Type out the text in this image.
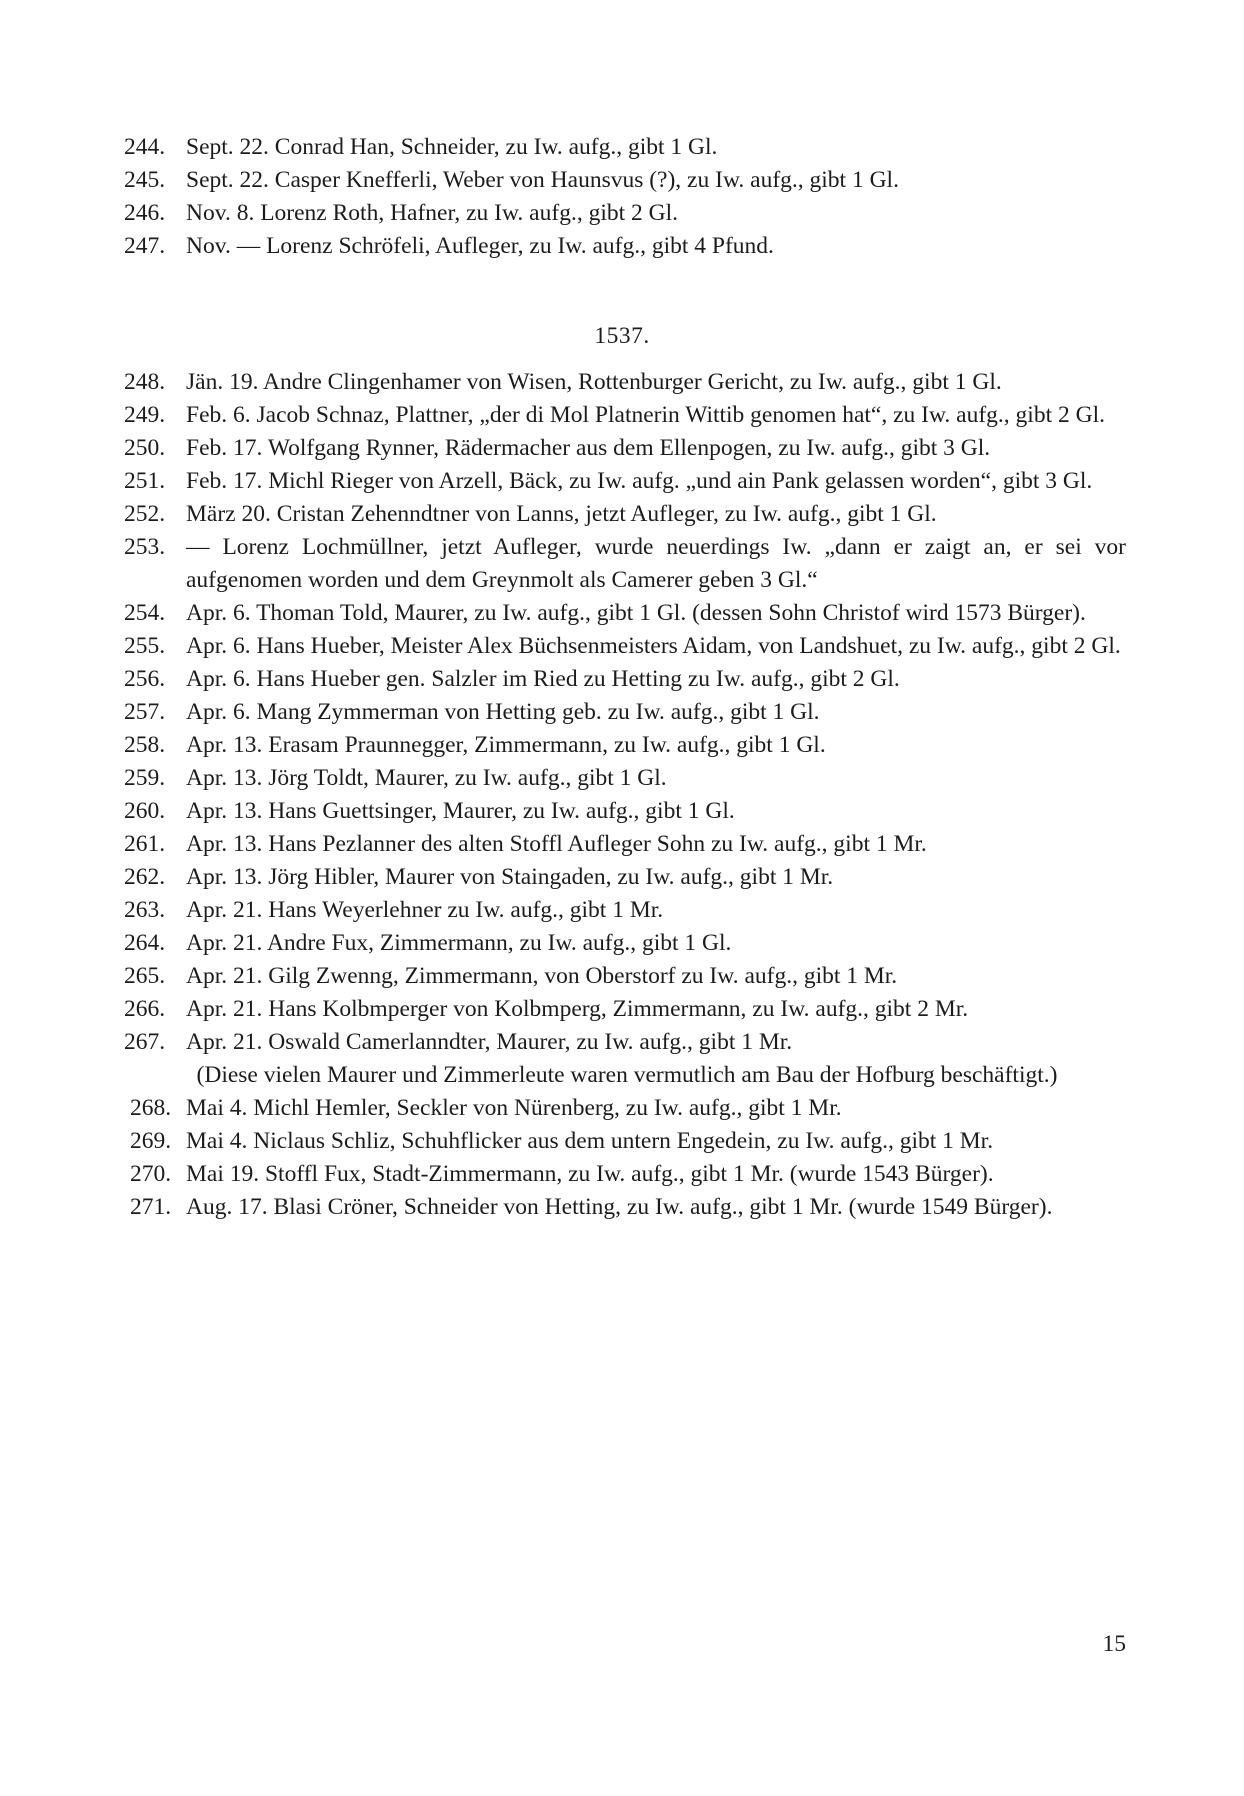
244. Sept. 22. Conrad Han, Schneider, zu Iw. aufg., gibt 1 Gl.
245. Sept. 22. Casper Knefferli, Weber von Haunsvus (?), zu Iw. aufg., gibt 1 Gl.
246. Nov. 8. Lorenz Roth, Hafner, zu Iw. aufg., gibt 2 Gl.
247. Nov. — Lorenz Schröfeli, Aufleger, zu Iw. aufg., gibt 4 Pfund.
1537.
248. Jän. 19. Andre Clingenhamer von Wisen, Rottenburger Gericht, zu Iw. aufg., gibt 1 Gl.
249. Feb. 6. Jacob Schnaz, Plattner, „der di Mol Platnerin Wittib genomen hat“, zu Iw. aufg., gibt 2 Gl.
250. Feb. 17. Wolfgang Rynner, Rädermacher aus dem Ellenpogen, zu Iw. aufg., gibt 3 Gl.
251. Feb. 17. Michl Rieger von Arzell, Bäck, zu Iw. aufg. „und ain Pank gelassen worden“, gibt 3 Gl.
252. März 20. Cristan Zehenndtner von Lanns, jetzt Aufleger, zu Iw. aufg., gibt 1 Gl.
253. — Lorenz Lochmüllner, jetzt Aufleger, wurde neuerdings Iw. „dann er zaigt an, er sei vor aufgenomen worden und dem Greynmolt als Camerer geben 3 Gl.“
254. Apr. 6. Thoman Told, Maurer, zu Iw. aufg., gibt 1 Gl. (dessen Sohn Christof wird 1573 Bürger).
255. Apr. 6. Hans Hueber, Meister Alex Büchsenmeisters Aidam, von Landshuet, zu Iw. aufg., gibt 2 Gl.
256. Apr. 6. Hans Hueber gen. Salzler im Ried zu Hetting zu Iw. aufg., gibt 2 Gl.
257. Apr. 6. Mang Zymmerman von Hetting geb. zu Iw. aufg., gibt 1 Gl.
258. Apr. 13. Erasam Praunnegger, Zimmermann, zu Iw. aufg., gibt 1 Gl.
259. Apr. 13. Jörg Toldt, Maurer, zu Iw. aufg., gibt 1 Gl.
260. Apr. 13. Hans Guettsinger, Maurer, zu Iw. aufg., gibt 1 Gl.
261. Apr. 13. Hans Pezlanner des alten Stoffl Aufleger Sohn zu Iw. aufg., gibt 1 Mr.
262. Apr. 13. Jörg Hibler, Maurer von Staingaden, zu Iw. aufg., gibt 1 Mr.
263. Apr. 21. Hans Weyerlehner zu Iw. aufg., gibt 1 Mr.
264. Apr. 21. Andre Fux, Zimmermann, zu Iw. aufg., gibt 1 Gl.
265. Apr. 21. Gilg Zwenng, Zimmermann, von Oberstorf zu Iw. aufg., gibt 1 Mr.
266. Apr. 21. Hans Kolbmperger von Kolbmperg, Zimmermann, zu Iw. aufg., gibt 2 Mr.
267. Apr. 21. Oswald Camerlanndter, Maurer, zu Iw. aufg., gibt 1 Mr.
(Diese vielen Maurer und Zimmerleute waren vermutlich am Bau der Hofburg beschäftigt.)
268. Mai 4. Michl Hemler, Seckler von Nürenberg, zu Iw. aufg., gibt 1 Mr.
269. Mai 4. Niclaus Schliz, Schuhflicker aus dem untern Engedein, zu Iw. aufg., gibt 1 Mr.
270. Mai 19. Stoffl Fux, Stadt-Zimmermann, zu Iw. aufg., gibt 1 Mr. (wurde 1543 Bürger).
271. Aug. 17. Blasi Cröner, Schneider von Hetting, zu Iw. aufg., gibt 1 Mr. (wurde 1549 Bürger).
15
